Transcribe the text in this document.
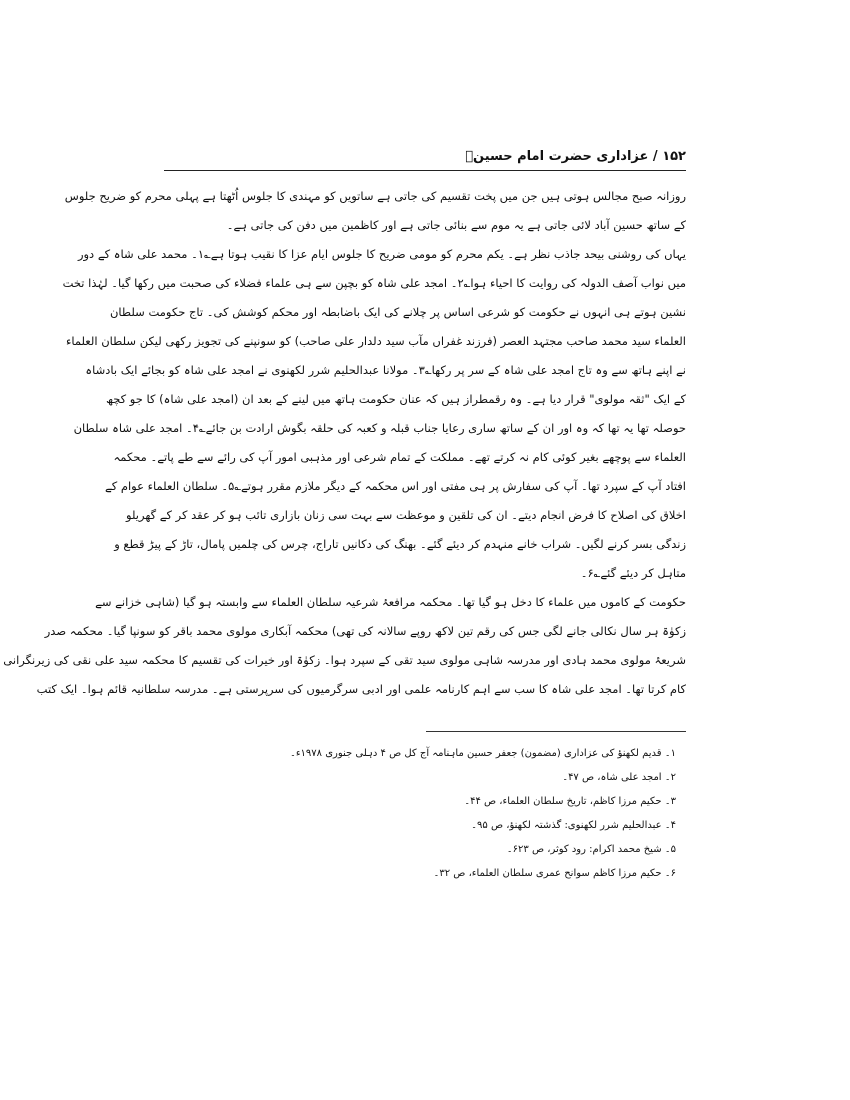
۱۵۲ / عزاداری حضرت امام حسینؑ
روزانہ صبح مجالس ہوتی ہیں جن میں پخت تقسیم کی جاتی ہے ساتویں کو مہندی کا جلوس اُٹھتا ہے پہلی محرم کو ضریح جلوس
کے ساتھ حسین آباد لائی جاتی ہے یہ موم سے بنائی جاتی ہے اور کاظمین میں دفن کی جاتی ہے۔
یہاں کی روشنی بیحد جاذب نظر ہے۔ یکم محرم کو مومی ضریح کا جلوس ایام عزا کا نقیب ہوتا ہے؎۱۔ محمد علی شاہ کے دور
میں نواب آصف الدولہ کی روایت کا احیاء ہوا؎۲۔ امجد علی شاہ کو بچپن سے ہی علماء فضلاء کی صحبت میں رکھا گیا۔ لہٰذا تخت
نشین ہوتے ہی انہوں نے حکومت کو شرعی اساس پر چلانے کی ایک باضابطہ اور محکم کوشش کی۔ تاج حکومت سلطان
العلماء سید محمد صاحب مجتہد العصر (فرزند غفراں مآب سید دلدار علی صاحب) کو سونپنے کی تجویز رکھی لیکن سلطان العلماء
نے اپنے ہاتھ سے وہ تاج امجد علی شاہ کے سر پر رکھا؎۳۔ مولانا عبدالحلیم شرر لکھنوی نے امجد علی شاہ کو بجائے ایک بادشاہ
کے ایک "ثقہ مولوی" قرار دیا ہے۔ وہ رقمطراز ہیں کہ عنان حکومت ہاتھ میں لینے کے بعد ان (امجد علی شاہ) کا جو کچھ
حوصلہ تھا یہ تھا کہ وہ اور ان کے ساتھ ساری رعایا جناب قبلہ و کعبہ کی حلقہ بگوش ارادت بن جائے؎۴۔ امجد علی شاہ سلطان
العلماء سے پوچھے بغیر کوئی کام نہ کرتے تھے۔ مملکت کے تمام شرعی اور مذہبی امور آپ کی رائے سے طے پاتے۔ محکمہ
افتاد آپ کے سپرد تھا۔ آپ کی سفارش پر ہی مفتی اور اس محکمہ کے دیگر ملازم مقرر ہوتے؎۵۔ سلطان العلماء عوام کے
اخلاق کی اصلاح کا فرض انجام دیتے۔ ان کی تلقین و موعظت سے بہت سی زنان بازاری تائب ہو کر عقد کر کے گھریلو
زندگی بسر کرنے لگیں۔ شراب خانے منہدم کر دیئے گئے۔ بھنگ کی دکانیں تاراج، چرس کی چلمیں پامال، تاڑ کے پیڑ قطع و
متاہل کر دیئے گئے؎۶۔
حکومت کے کاموں میں علماء کا دخل ہو گیا تھا۔ محکمہ مرافعۂ شرعیہ سلطان العلماء سے وابستہ ہو گیا (شاہی خزانے سے
زکوٰۃ ہر سال نکالی جانے لگی جس کی رقم تین لاکھ روپے سالانہ کی تھی) محکمہ آبکاری مولوی محمد باقر کو سونپا گیا۔ محکمہ صدر
شریعۂ مولوی محمد ہادی اور مدرسہ شاہی مولوی سید تقی کے سپرد ہوا۔ زکوٰۃ اور خیرات کی تقسیم کا محکمہ سید علی نقی کی زیرنگرانی
کام کرتا تھا۔ امجد علی شاہ کا سب سے اہم کارنامہ علمی اور ادبی سرگرمیوں کی سرپرستی ہے۔ مدرسہ سلطانیہ قائم ہوا۔ ایک کتب
۱۔ قدیم لکھنؤ کی عزاداری (مضمون) جعفر حسین ماہنامہ آج کل ص ۴ دہلی جنوری ۱۹۷۸ء۔
۲۔ امجد علی شاہ، ص ۴۷۔
۳۔ حکیم مرزا کاظم، تاریخ سلطان العلماء، ص ۴۴۔
۴۔ عبدالحلیم شرر لکھنوی: گذشتہ لکھنؤ، ص ۹۵۔
۵۔ شیخ محمد اکرام: رود کوثر، ص ۶۲۳۔
۶۔ حکیم مرزا کاظم سوانح عمری سلطان العلماء، ص ۳۲۔
